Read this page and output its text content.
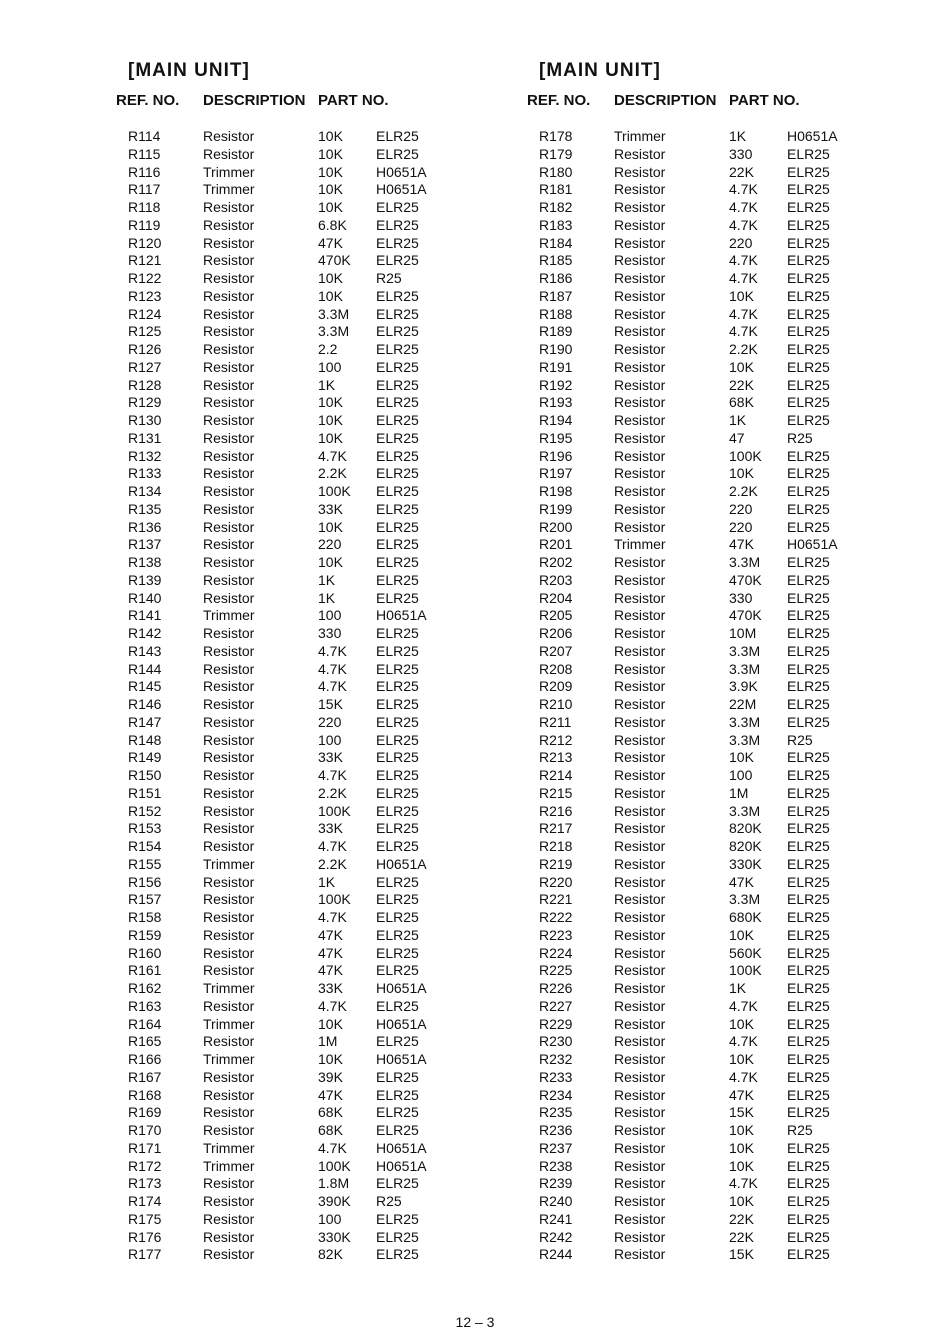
[MAIN UNIT]
REF. NO.	DESCRIPTION PART NO.
R114	Resistor	10K	ELR25
R115	Resistor	10K	ELR25
R116	Trimmer	10K	H0651A
R117	Trimmer	10K	H0651A
R118	Resistor	10K	ELR25
R119	Resistor	6.8K	ELR25
R120	Resistor	47K	ELR25
R121	Resistor	470K	ELR25
R122	Resistor	10K	R25
R123	Resistor	10K	ELR25
R124	Resistor	3.3M	ELR25
R125	Resistor	3.3M	ELR25
R126	Resistor	2.2	ELR25
R127	Resistor	100	ELR25
R128	Resistor	1K	ELR25
R129	Resistor	10K	ELR25
R130	Resistor	10K	ELR25
R131	Resistor	10K	ELR25
R132	Resistor	4.7K	ELR25
R133	Resistor	2.2K	ELR25
R134	Resistor	100K	ELR25
R135	Resistor	33K	ELR25
R136	Resistor	10K	ELR25
R137	Resistor	220	ELR25
R138	Resistor	10K	ELR25
R139	Resistor	1K	ELR25
R140	Resistor	1K	ELR25
R141	Trimmer	100	H0651A
R142	Resistor	330	ELR25
R143	Resistor	4.7K	ELR25
R144	Resistor	4.7K	ELR25
R145	Resistor	4.7K	ELR25
R146	Resistor	15K	ELR25
R147	Resistor	220	ELR25
R148	Resistor	100	ELR25
R149	Resistor	33K	ELR25
R150	Resistor	4.7K	ELR25
R151	Resistor	2.2K	ELR25
R152	Resistor	100K	ELR25
R153	Resistor	33K	ELR25
R154	Resistor	4.7K	ELR25
R155	Trimmer	2.2K	H0651A
R156	Resistor	1K	ELR25
R157	Resistor	100K	ELR25
R158	Resistor	4.7K	ELR25
R159	Resistor	47K	ELR25
R160	Resistor	47K	ELR25
R161	Resistor	47K	ELR25
R162	Trimmer	33K	H0651A
R163	Resistor	4.7K	ELR25
R164	Trimmer	10K	H0651A
R165	Resistor	1M	ELR25
R166	Trimmer	10K	H0651A
R167	Resistor	39K	ELR25
R168	Resistor	47K	ELR25
R169	Resistor	68K	ELR25
R170	Resistor	68K	ELR25
R171	Trimmer	4.7K	H0651A
R172	Trimmer	100K	H0651A
R173	Resistor	1.8M	ELR25
R174	Resistor	390K	R25
R175	Resistor	100	ELR25
R176	Resistor	330K	ELR25
R177	Resistor	82K	ELR25
[MAIN UNIT]
REF. NO.	DESCRIPTION PART NO.
R178	Trimmer	1K	H0651A
R179	Resistor	330	ELR25
R180	Resistor	22K	ELR25
R181	Resistor	4.7K	ELR25
R182	Resistor	4.7K	ELR25
R183	Resistor	4.7K	ELR25
R184	Resistor	220	ELR25
R185	Resistor	4.7K	ELR25
R186	Resistor	4.7K	ELR25
R187	Resistor	10K	ELR25
R188	Resistor	4.7K	ELR25
R189	Resistor	4.7K	ELR25
R190	Resistor	2.2K	ELR25
R191	Resistor	10K	ELR25
R192	Resistor	22K	ELR25
R193	Resistor	68K	ELR25
R194	Resistor	1K	ELR25
R195	Resistor	47	R25
R196	Resistor	100K	ELR25
R197	Resistor	10K	ELR25
R198	Resistor	2.2K	ELR25
R199	Resistor	220	ELR25
R200	Resistor	220	ELR25
R201	Trimmer	47K	H0651A
R202	Resistor	3.3M	ELR25
R203	Resistor	470K	ELR25
R204	Resistor	330	ELR25
R205	Resistor	470K	ELR25
R206	Resistor	10M	ELR25
R207	Resistor	3.3M	ELR25
R208	Resistor	3.3M	ELR25
R209	Resistor	3.9K	ELR25
R210	Resistor	22M	ELR25
R211	Resistor	3.3M	ELR25
R212	Resistor	3.3M	R25
R213	Resistor	10K	ELR25
R214	Resistor	100	ELR25
R215	Resistor	1M	ELR25
R216	Resistor	3.3M	ELR25
R217	Resistor	820K	ELR25
R218	Resistor	820K	ELR25
R219	Resistor	330K	ELR25
R220	Resistor	47K	ELR25
R221	Resistor	3.3M	ELR25
R222	Resistor	680K	ELR25
R223	Resistor	10K	ELR25
R224	Resistor	560K	ELR25
R225	Resistor	100K	ELR25
R226	Resistor	1K	ELR25
R227	Resistor	4.7K	ELR25
R229	Resistor	10K	ELR25
R230	Resistor	4.7K	ELR25
R232	Resistor	10K	ELR25
R233	Resistor	4.7K	ELR25
R234	Resistor	47K	ELR25
R235	Resistor	15K	ELR25
R236	Resistor	10K	R25
R237	Resistor	10K	ELR25
R238	Resistor	10K	ELR25
R239	Resistor	4.7K	ELR25
R240	Resistor	10K	ELR25
R241	Resistor	22K	ELR25
R242	Resistor	22K	ELR25
R244	Resistor	15K	ELR25
12 – 3
